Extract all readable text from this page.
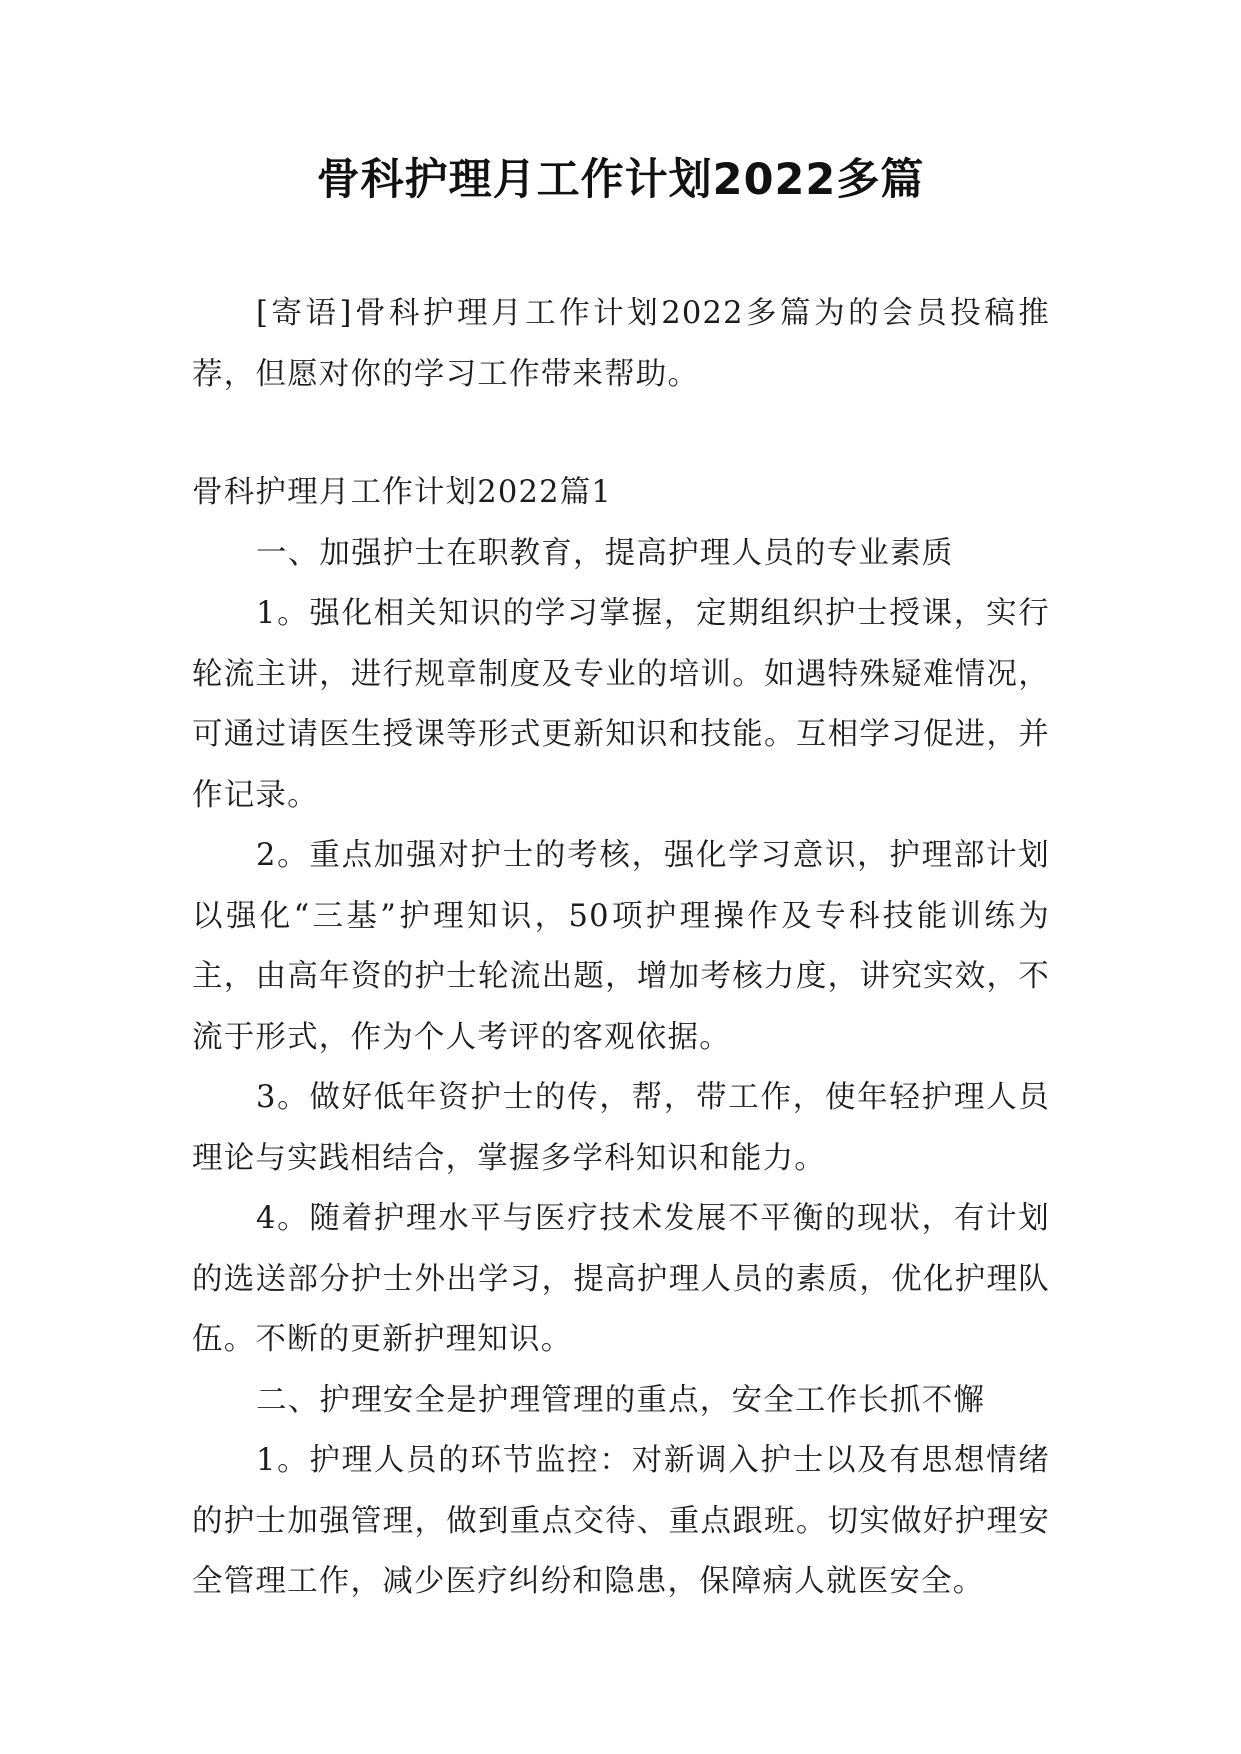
骨科护理月工作计划2022多篇

[寄语]骨科护理月工作计划2022多篇为的会员投稿推荐，但愿对你的学习工作带来帮助。

骨科护理月工作计划2022篇1

一、加强护士在职教育，提高护理人员的专业素质

1。强化相关知识的学习掌握，定期组织护士授课，实行轮流主讲，进行规章制度及专业的培训。如遇特殊疑难情况，可通过请医生授课等形式更新知识和技能。互相学习促进，并作记录。

2。重点加强对护士的考核，强化学习意识，护理部计划以强化“三基”护理知识，50项护理操作及专科技能训练为主，由高年资的护士轮流出题，增加考核力度，讲究实效，不流于形式，作为个人考评的客观依据。

3。做好低年资护士的传，帮，带工作，使年轻护理人员理论与实践相结合，掌握多学科知识和能力。

4。随着护理水平与医疗技术发展不平衡的现状，有计划的选送部分护士外出学习，提高护理人员的素质，优化护理队伍。不断的更新护理知识。

二、护理安全是护理管理的重点，安全工作长抓不懈

1。护理人员的环节监控：对新调入护士以及有思想情绪的护士加强管理，做到重点交待、重点跟班。切实做好护理安全管理工作，减少医疗纠纷和隐患，保障病人就医安全。
